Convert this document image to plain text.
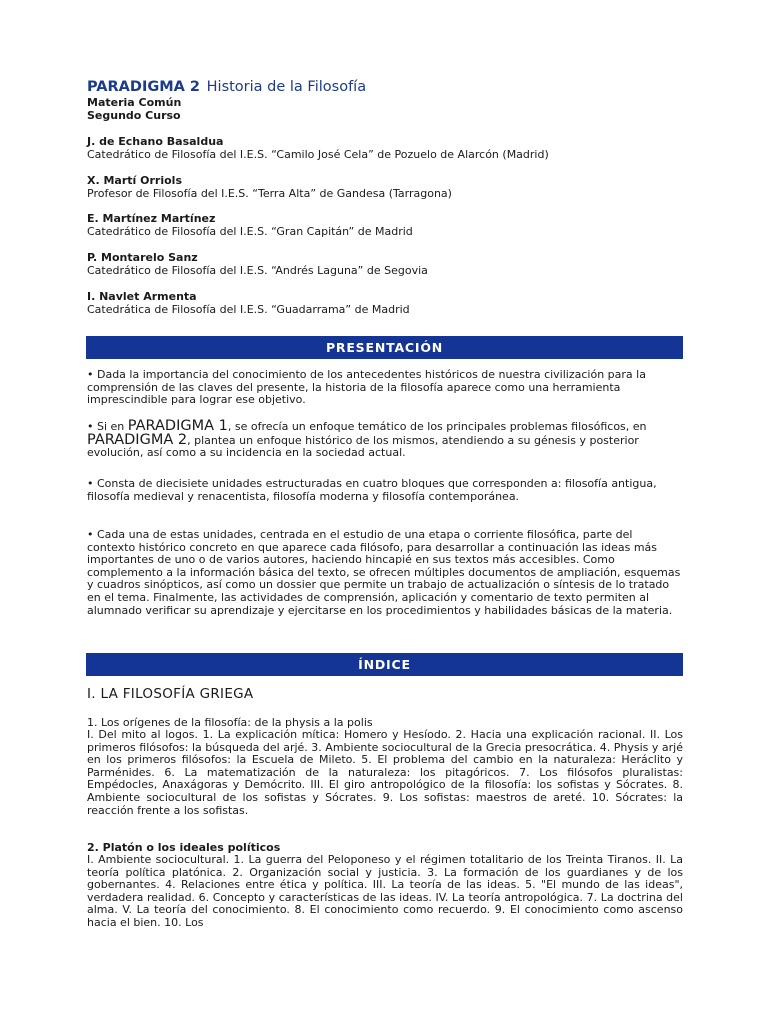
PARADIGMA 2 Historia de la Filosofía
Materia Común
Segundo Curso
J. de Echano Basaldua
Catedrático de Filosofía del I.E.S. “Camilo José Cela” de Pozuelo de Alarcón (Madrid)
X. Martí Orriols
Profesor de Filosofía del I.E.S. “Terra Alta” de Gandesa (Tarragona)
E. Martínez Martínez
Catedrático de Filosofía del I.E.S. “Gran Capitán” de Madrid
P. Montarelo Sanz
Catedrático de Filosofía del I.E.S. “Andrés Laguna” de Segovia
I. Navlet Armenta
Catedrática de Filosofía del I.E.S. “Guadarrama” de Madrid
PRESENTACIÓN
• Dada la importancia del conocimiento de los antecedentes históricos de nuestra civilización para la comprensión de las claves del presente, la historia de la filosofía aparece como una herramienta imprescindible para lograr ese objetivo.
• Si en PARADIGMA 1, se ofrecía un enfoque temático de los principales problemas filosóficos, en PARADIGMA 2, plantea un enfoque histórico de los mismos, atendiendo a su génesis y posterior evolución, así como a su incidencia en la sociedad actual.
• Consta de diecisiete unidades estructuradas en cuatro bloques que corresponden a: filosofía antigua, filosofía medieval y renacentista, filosofía moderna y filosofía contemporánea.
• Cada una de estas unidades, centrada en el estudio de una etapa o corriente filosófica, parte del contexto histórico concreto en que aparece cada filósofo, para desarrollar a continuación las ideas más importantes de uno o de varios autores, haciendo hincapié en sus textos más accesibles. Como complemento a la información básica del texto, se ofrecen múltiples documentos de ampliación, esquemas y cuadros sinópticos, así como un dossier que permite un trabajo de actualización o síntesis de lo tratado en el tema. Finalmente, las actividades de comprensión, aplicación y comentario de texto permiten al alumnado verificar su aprendizaje y ejercitarse en los procedimientos y habilidades básicas de la materia.
ÍNDICE
I. LA FILOSOFÍA GRIEGA
1. Los orígenes de la filosofía: de la physis a la polis
I. Del mito al logos. 1. La explicación mítica: Homero y Hesíodo. 2. Hacia una explicación racional. II. Los primeros filósofos: la búsqueda del arjé. 3. Ambiente sociocultural de la Grecia presocrática. 4. Physis y arjé en los primeros filósofos: la Escuela de Mileto. 5. El problema del cambio en la naturaleza: Heráclito y Parménides. 6. La matematización de la naturaleza: los pitagóricos. 7. Los filósofos pluralistas: Empédocles, Anaxágoras y Demócrito. III. El giro antropológico de la filosofía: los sofistas y Sócrates. 8. Ambiente sociocultural de los sofistas y Sócrates. 9. Los sofistas: maestros de areté. 10. Sócrates: la reacción frente a los sofistas.
2. Platón o los ideales políticos
I. Ambiente sociocultural. 1. La guerra del Peloponeso y el régimen totalitario de los Treinta Tiranos. II. La teoría política platónica. 2. Organización social y justicia. 3. La formación de los guardianes y de los gobernantes. 4. Relaciones entre ética y política. III. La teoría de las ideas. 5. "El mundo de las ideas", verdadera realidad. 6. Concepto y características de las ideas. IV. La teoría antropológica. 7. La doctrina del alma. V. La teoría del conocimiento. 8. El conocimiento como recuerdo. 9. El conocimiento como ascenso hacia el bien. 10. Los
